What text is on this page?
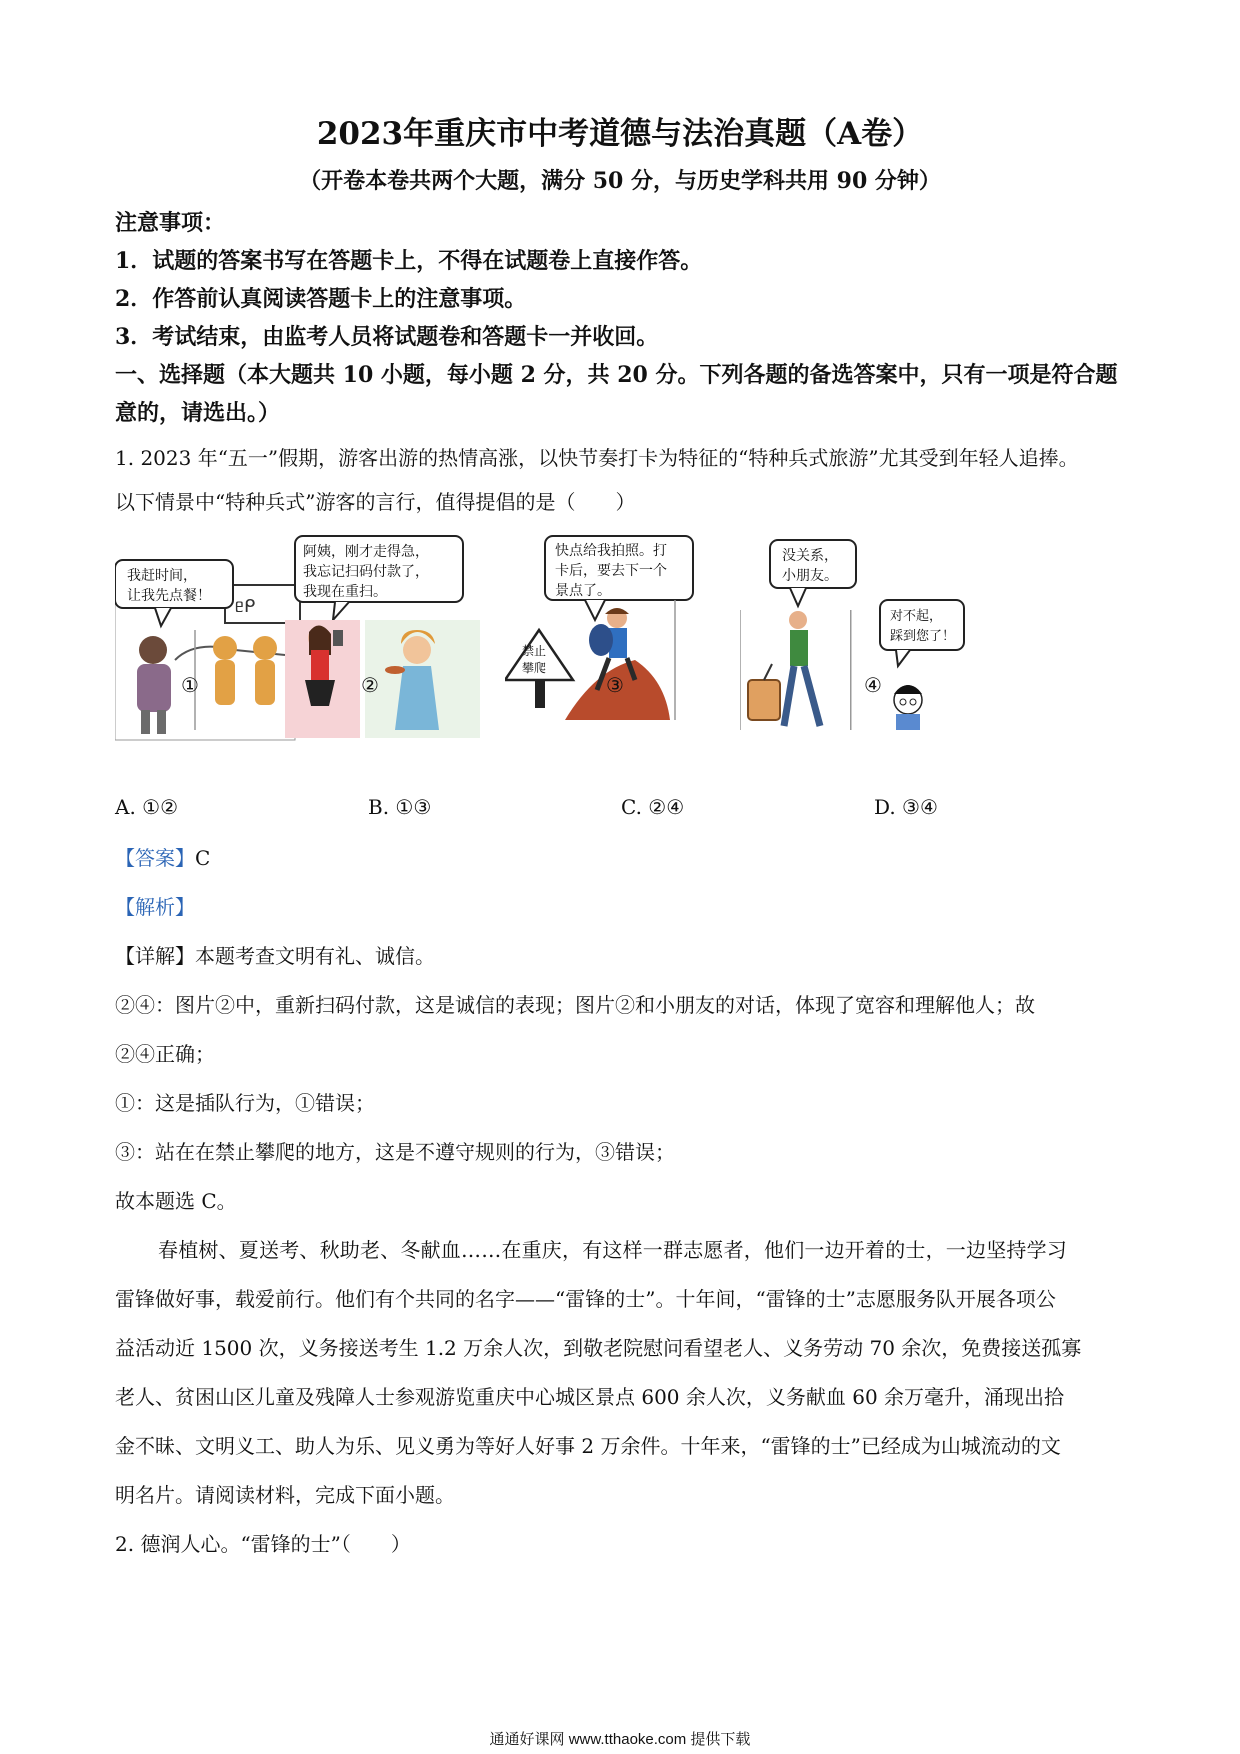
2023年重庆市中考道德与法治真题（A卷）
（开卷本卷共两个大题，满分 50 分，与历史学科共用 90 分钟）
注意事项：
1．试题的答案书写在答题卡上，不得在试题卷上直接作答。
2．作答前认真阅读答题卡上的注意事项。
3．考试结束，由监考人员将试题卷和答题卡一并收回。
一、选择题（本大题共 10 小题，每小题 2 分，共 20 分。下列各题的备选答案中，只有一项是符合题意的，请选出。）
1. 2023 年“五一”假期，游客出游的热情高涨，以快节奏打卡为特征的“特种兵式旅游”尤其受到年轻人追捧。
以下情景中“特种兵式”游客的言行，值得提倡的是（　　）
ᥱᑭ
我赶时间，
让我先点餐！
阿姨，刚才走得急，
我忘记扫码付款了，
我现在重扫。
快点给我拍照。打
卡后，要去下一个
景点了。
禁止
攀爬
没关系，
小朋友。
对不起，
踩到您了！
①	②	③	④
A. ①②	B. ①③	C. ②④	D. ③④
【答案】C
【解析】
【详解】本题考查文明有礼、诚信。
②④：图片②中，重新扫码付款，这是诚信的表现；图片②和小朋友的对话，体现了宽容和理解他人；故
②④正确；
①：这是插队行为，①错误；
③：站在在禁止攀爬的地方，这是不遵守规则的行为，③错误；
故本题选 C。
春植树、夏送考、秋助老、冬献血……在重庆，有这样一群志愿者，他们一边开着的士，一边坚持学习
雷锋做好事，载爱前行。他们有个共同的名字——“雷锋的士”。十年间，“雷锋的士”志愿服务队开展各项公
益活动近 1500 次，义务接送考生 1.2 万余人次，到敬老院慰问看望老人、义务劳动 70 余次，免费接送孤寡
老人、贫困山区儿童及残障人士参观游览重庆中心城区景点 600 余人次，义务献血 60 余万毫升，涌现出拾
金不昧、文明义工、助人为乐、见义勇为等好人好事 2 万余件。十年来，“雷锋的士”已经成为山城流动的文
明名片。请阅读材料，完成下面小题。
2. 德润人心。“雷锋的士”（　　）
通通好课网 www.tthaoke.com 提供下载
